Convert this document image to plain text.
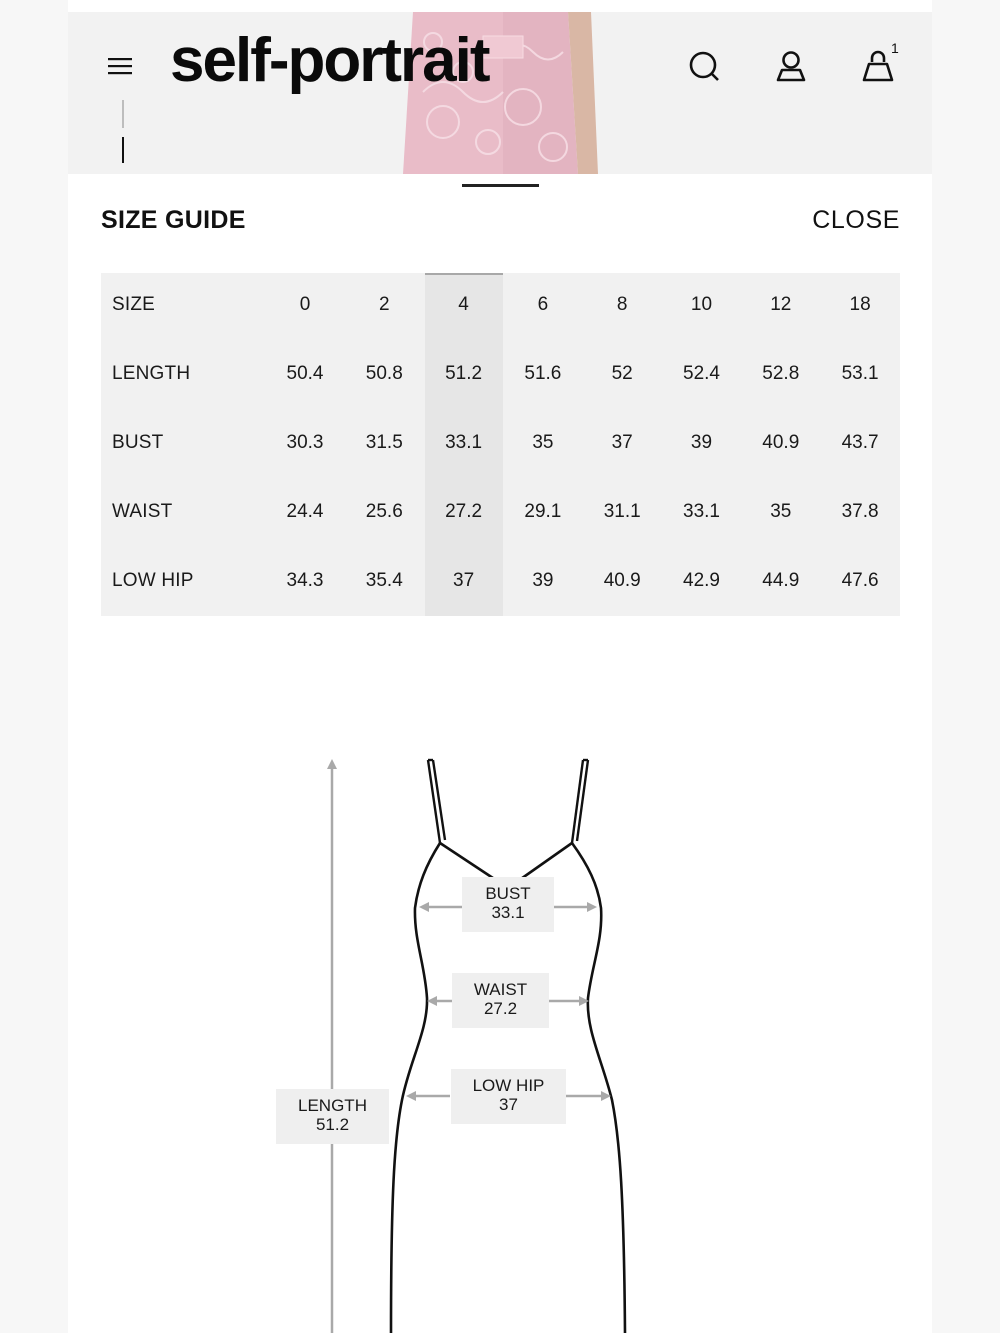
self-portrait	1
SIZE GUIDE	CLOSE
SIZE	0	2	4	6	8	10	12	18
LENGTH	50.4	50.8	51.2	51.6	52	52.4	52.8	53.1
BUST	30.3	31.5	33.1	35	37	39	40.9	43.7
WAIST	24.4	25.6	27.2	29.1	31.1	33.1	35	37.8
LOW HIP	34.3	35.4	37	39	40.9	42.9	44.9	47.6
BUST
33.1
WAIST
27.2
LOW HIP
37
LENGTH
51.2
